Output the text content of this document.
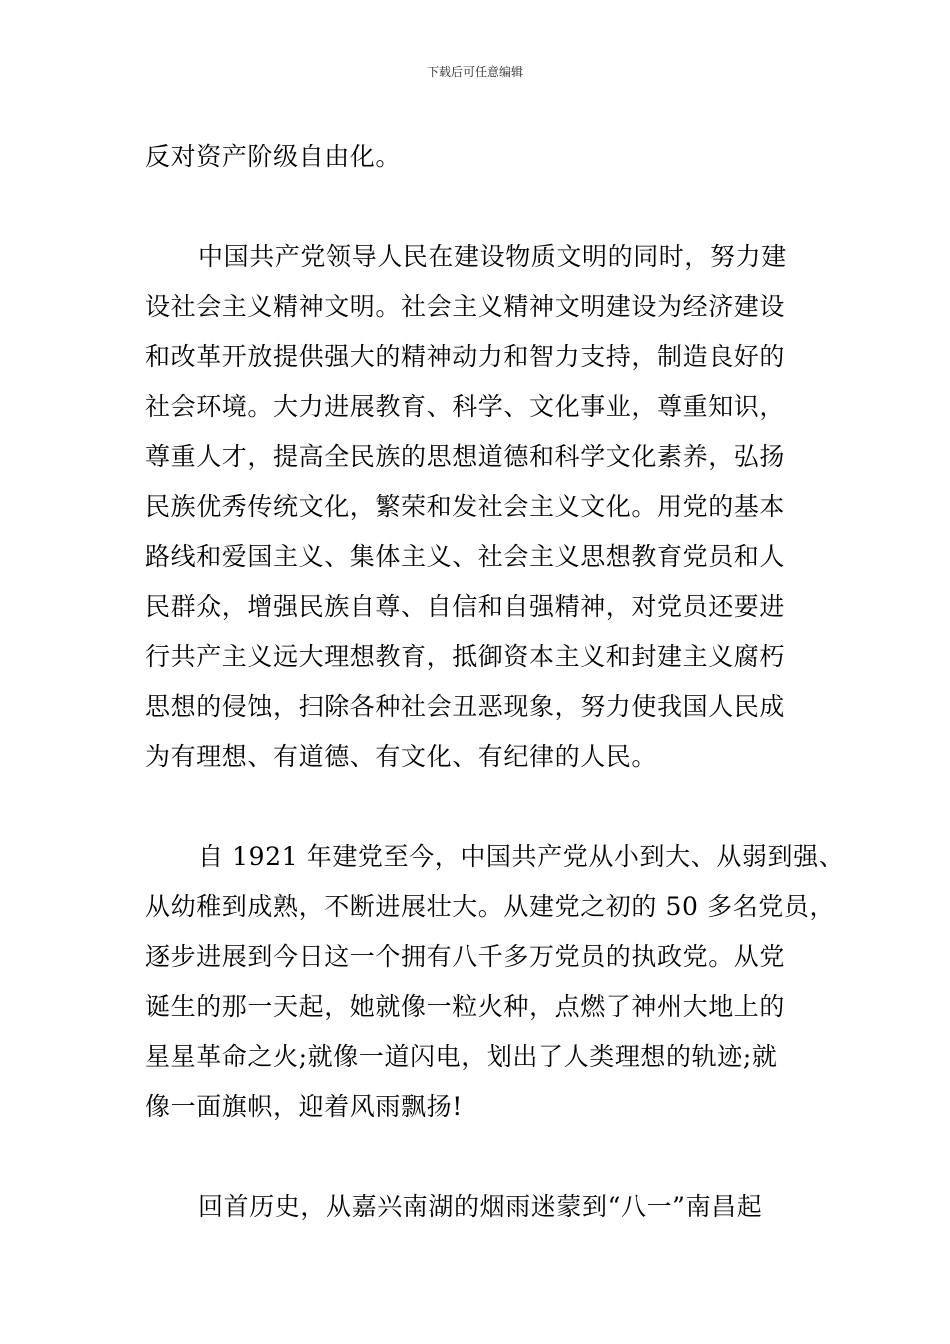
下载后可任意编辑
反对资产阶级自由化。
中国共产党领导人民在建设物质文明的同时，努力建
设社会主义精神文明。社会主义精神文明建设为经济建设
和改革开放提供强大的精神动力和智力支持，制造良好的
社会环境。大力进展教育、科学、文化事业，尊重知识，
尊重人才，提高全民族的思想道德和科学文化素养，弘扬
民族优秀传统文化，繁荣和发社会主义文化。用党的基本
路线和爱国主义、集体主义、社会主义思想教育党员和人
民群众，增强民族自尊、自信和自强精神，对党员还要进
行共产主义远大理想教育，抵御资本主义和封建主义腐朽
思想的侵蚀，扫除各种社会丑恶现象，努力使我国人民成
为有理想、有道德、有文化、有纪律的人民。
自 1921 年建党至今，中国共产党从小到大、从弱到强、
从幼稚到成熟，不断进展壮大。从建党之初的 50 多名党员，
逐步进展到今日这一个拥有八千多万党员的执政党。从党
诞生的那一天起，她就像一粒火种，点燃了神州大地上的
星星革命之火;就像一道闪电，划出了人类理想的轨迹;就
像一面旗帜，迎着风雨飘扬!
回首历史，从嘉兴南湖的烟雨迷蒙到“八一”南昌起
